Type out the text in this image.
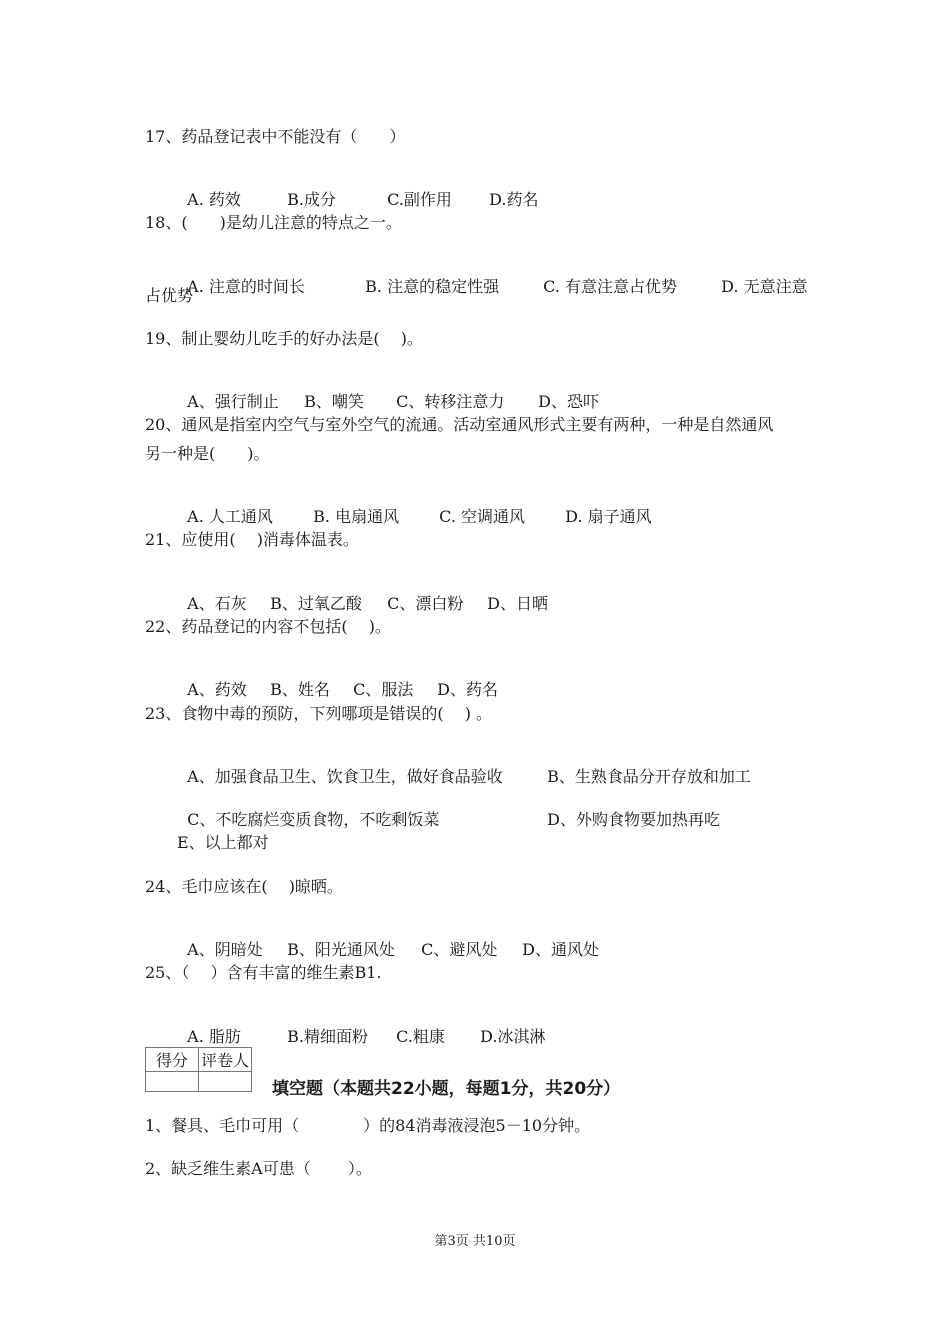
17、药品登记表中不能没有（　　）

A. 药效	B.成分	C.副作用 D.药名

18、(　　)是幼儿注意的特点之一。

A. 注意的时间长	B. 注意的稳定性强	C. 有意注意占优势	D. 无意注意

占优势
19、制止婴幼儿吃手的好办法是(　 )。

A、强行制止 B、嘲笑 C、转移注意力 D、恐吓

20、通风是指室内空气与室外空气的流通。活动室通风形式主要有两种，一种是自然通风
另一种是(　　)。

A. 人工通风	B. 电扇通风	C. 空调通风	D. 扇子通风

21、应使用(　 )消毒体温表。

A、石灰 B、过氧乙酸 C、漂白粉 D、日晒

22、药品登记的内容不包括(　 )。

A、药效 B、姓名 C、服法 D、药名

23、食物中毒的预防，下列哪项是错误的(　 ) 。

A、加强食品卫生、饮食卫生，做好食品验收	B、生熟食品分开存放和加工

C、不吃腐烂变质食物，不吃剩饭菜	D、外购食物要加热再吃

E、以上都对
24、毛巾应该在(　 )晾晒。

A、阴暗处 B、阳光通风处 C、避风处 D、通风处

25、（　 ）含有丰富的维生素B1.

A. 脂肪	B.精细面粉 C.粗康 D.冰淇淋

得分	评卷人

填空题（本题共22小题，每题1分，共20分）
1、餐具、毛巾可用（　　　　）的84消毒液浸泡5－10分钟。
2、缺乏维生素A可患（　　 ）。
第3页 共10页
